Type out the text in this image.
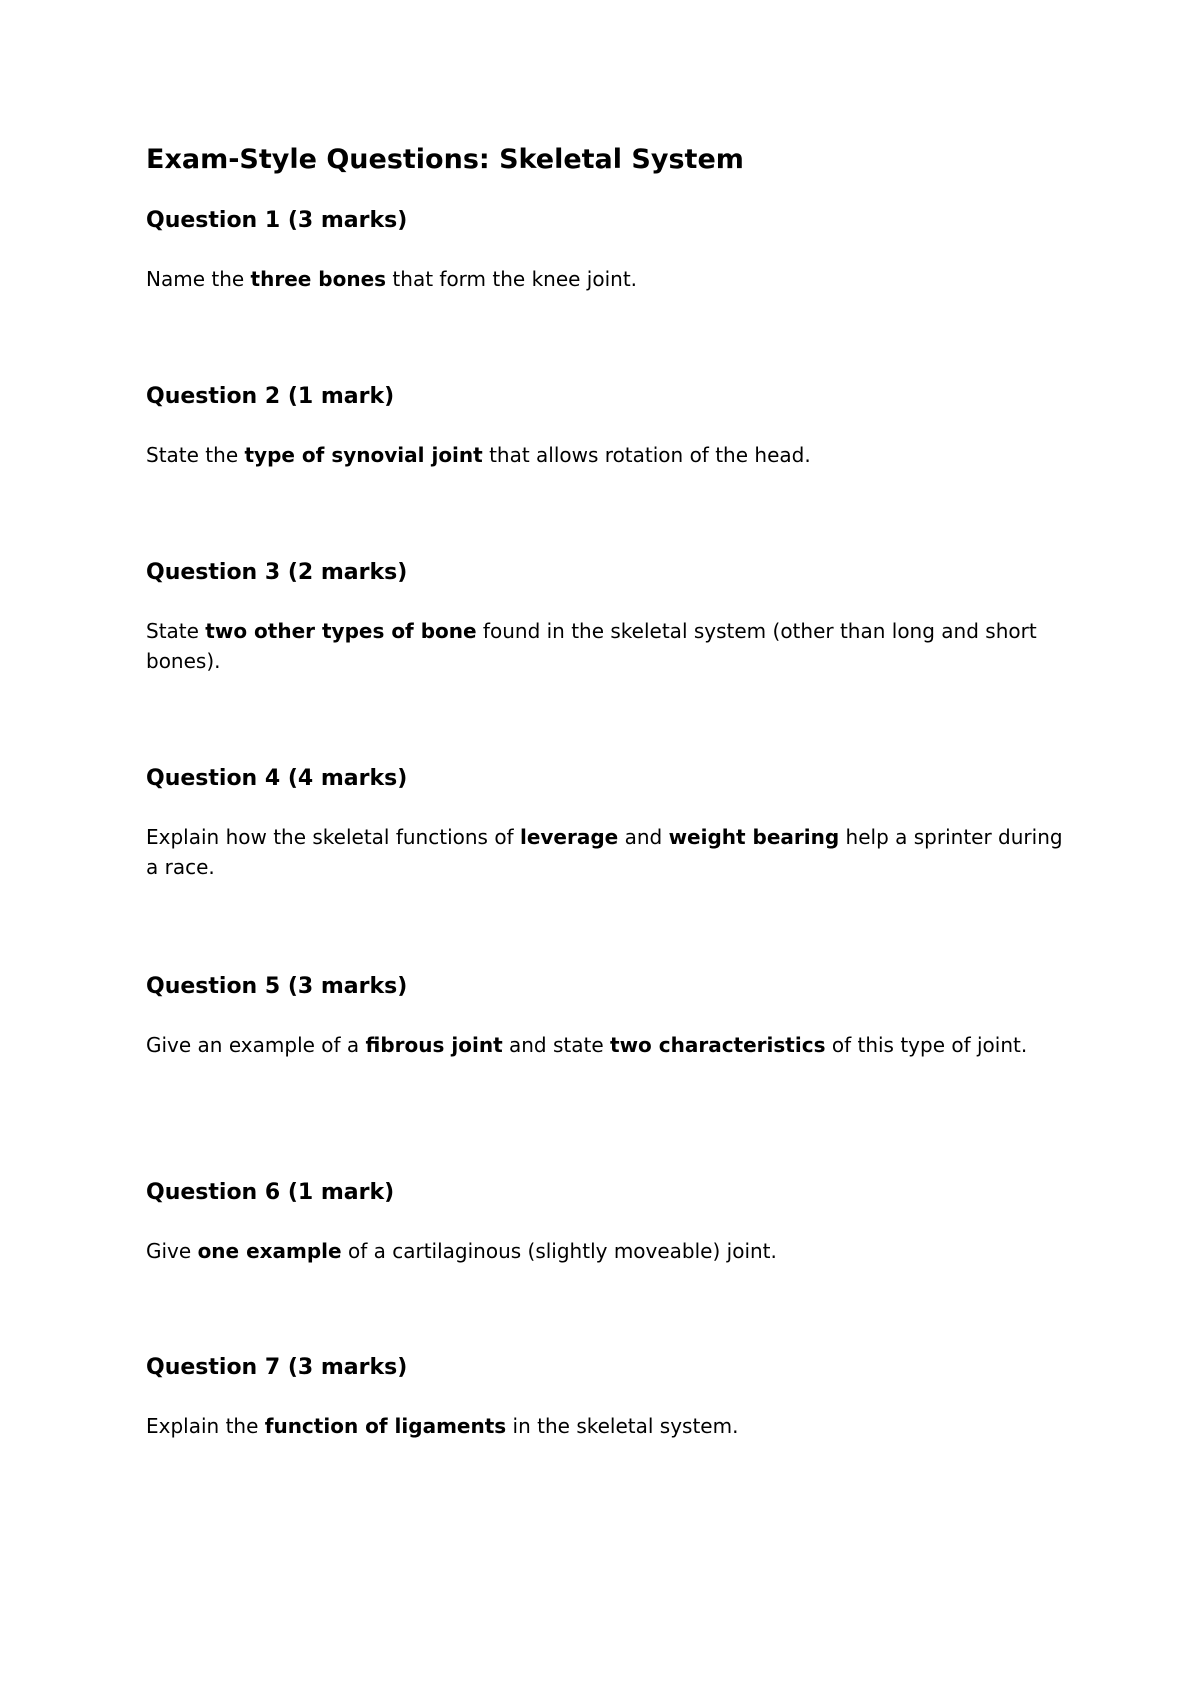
Exam-Style Questions: Skeletal System
Question 1 (3 marks)

Name the three bones that form the knee joint.

Question 2 (1 mark)

State the type of synovial joint that allows rotation of the head.

Question 3 (2 marks)

State two other types of bone found in the skeletal system (other than long and short bones).

Question 4 (4 marks)

Explain how the skeletal functions of leverage and weight bearing help a sprinter during a race.

Question 5 (3 marks)

Give an example of a fibrous joint and state two characteristics of this type of joint.

Question 6 (1 mark)

Give one example of a cartilaginous (slightly moveable) joint.

Question 7 (3 marks)

Explain the function of ligaments in the skeletal system.
